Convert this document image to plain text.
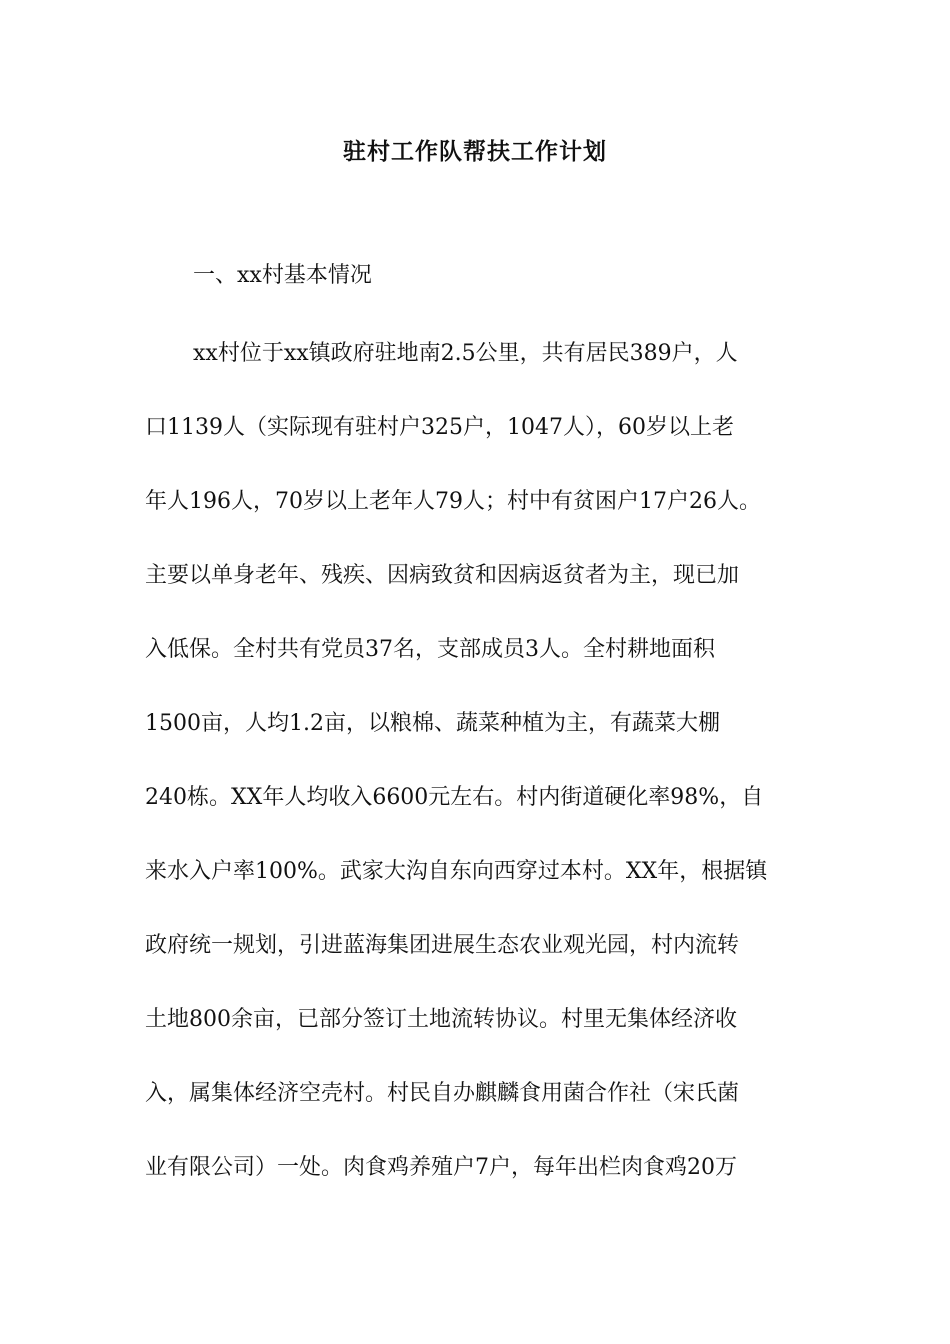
驻村工作队帮扶工作计划

一、xx村基本情况

xx村位于xx镇政府驻地南2.5公里，共有居民389户，人

口1139人（实际现有驻村户325户，1047人），60岁以上老

年人196人，70岁以上老年人79人；村中有贫困户17户26人。

主要以单身老年、残疾、因病致贫和因病返贫者为主，现已加

入低保。全村共有党员37名，支部成员3人。全村耕地面积

1500亩，人均1.2亩，以粮棉、蔬菜种植为主，有蔬菜大棚

240栋。XX年人均收入6600元左右。村内街道硬化率98%，自

来水入户率100%。武家大沟自东向西穿过本村。XX年，根据镇

政府统一规划，引进蓝海集团进展生态农业观光园，村内流转

土地800余亩，已部分签订土地流转协议。村里无集体经济收

入，属集体经济空壳村。村民自办麒麟食用菌合作社（宋氏菌

业有限公司）一处。肉食鸡养殖户7户，每年出栏肉食鸡20万
